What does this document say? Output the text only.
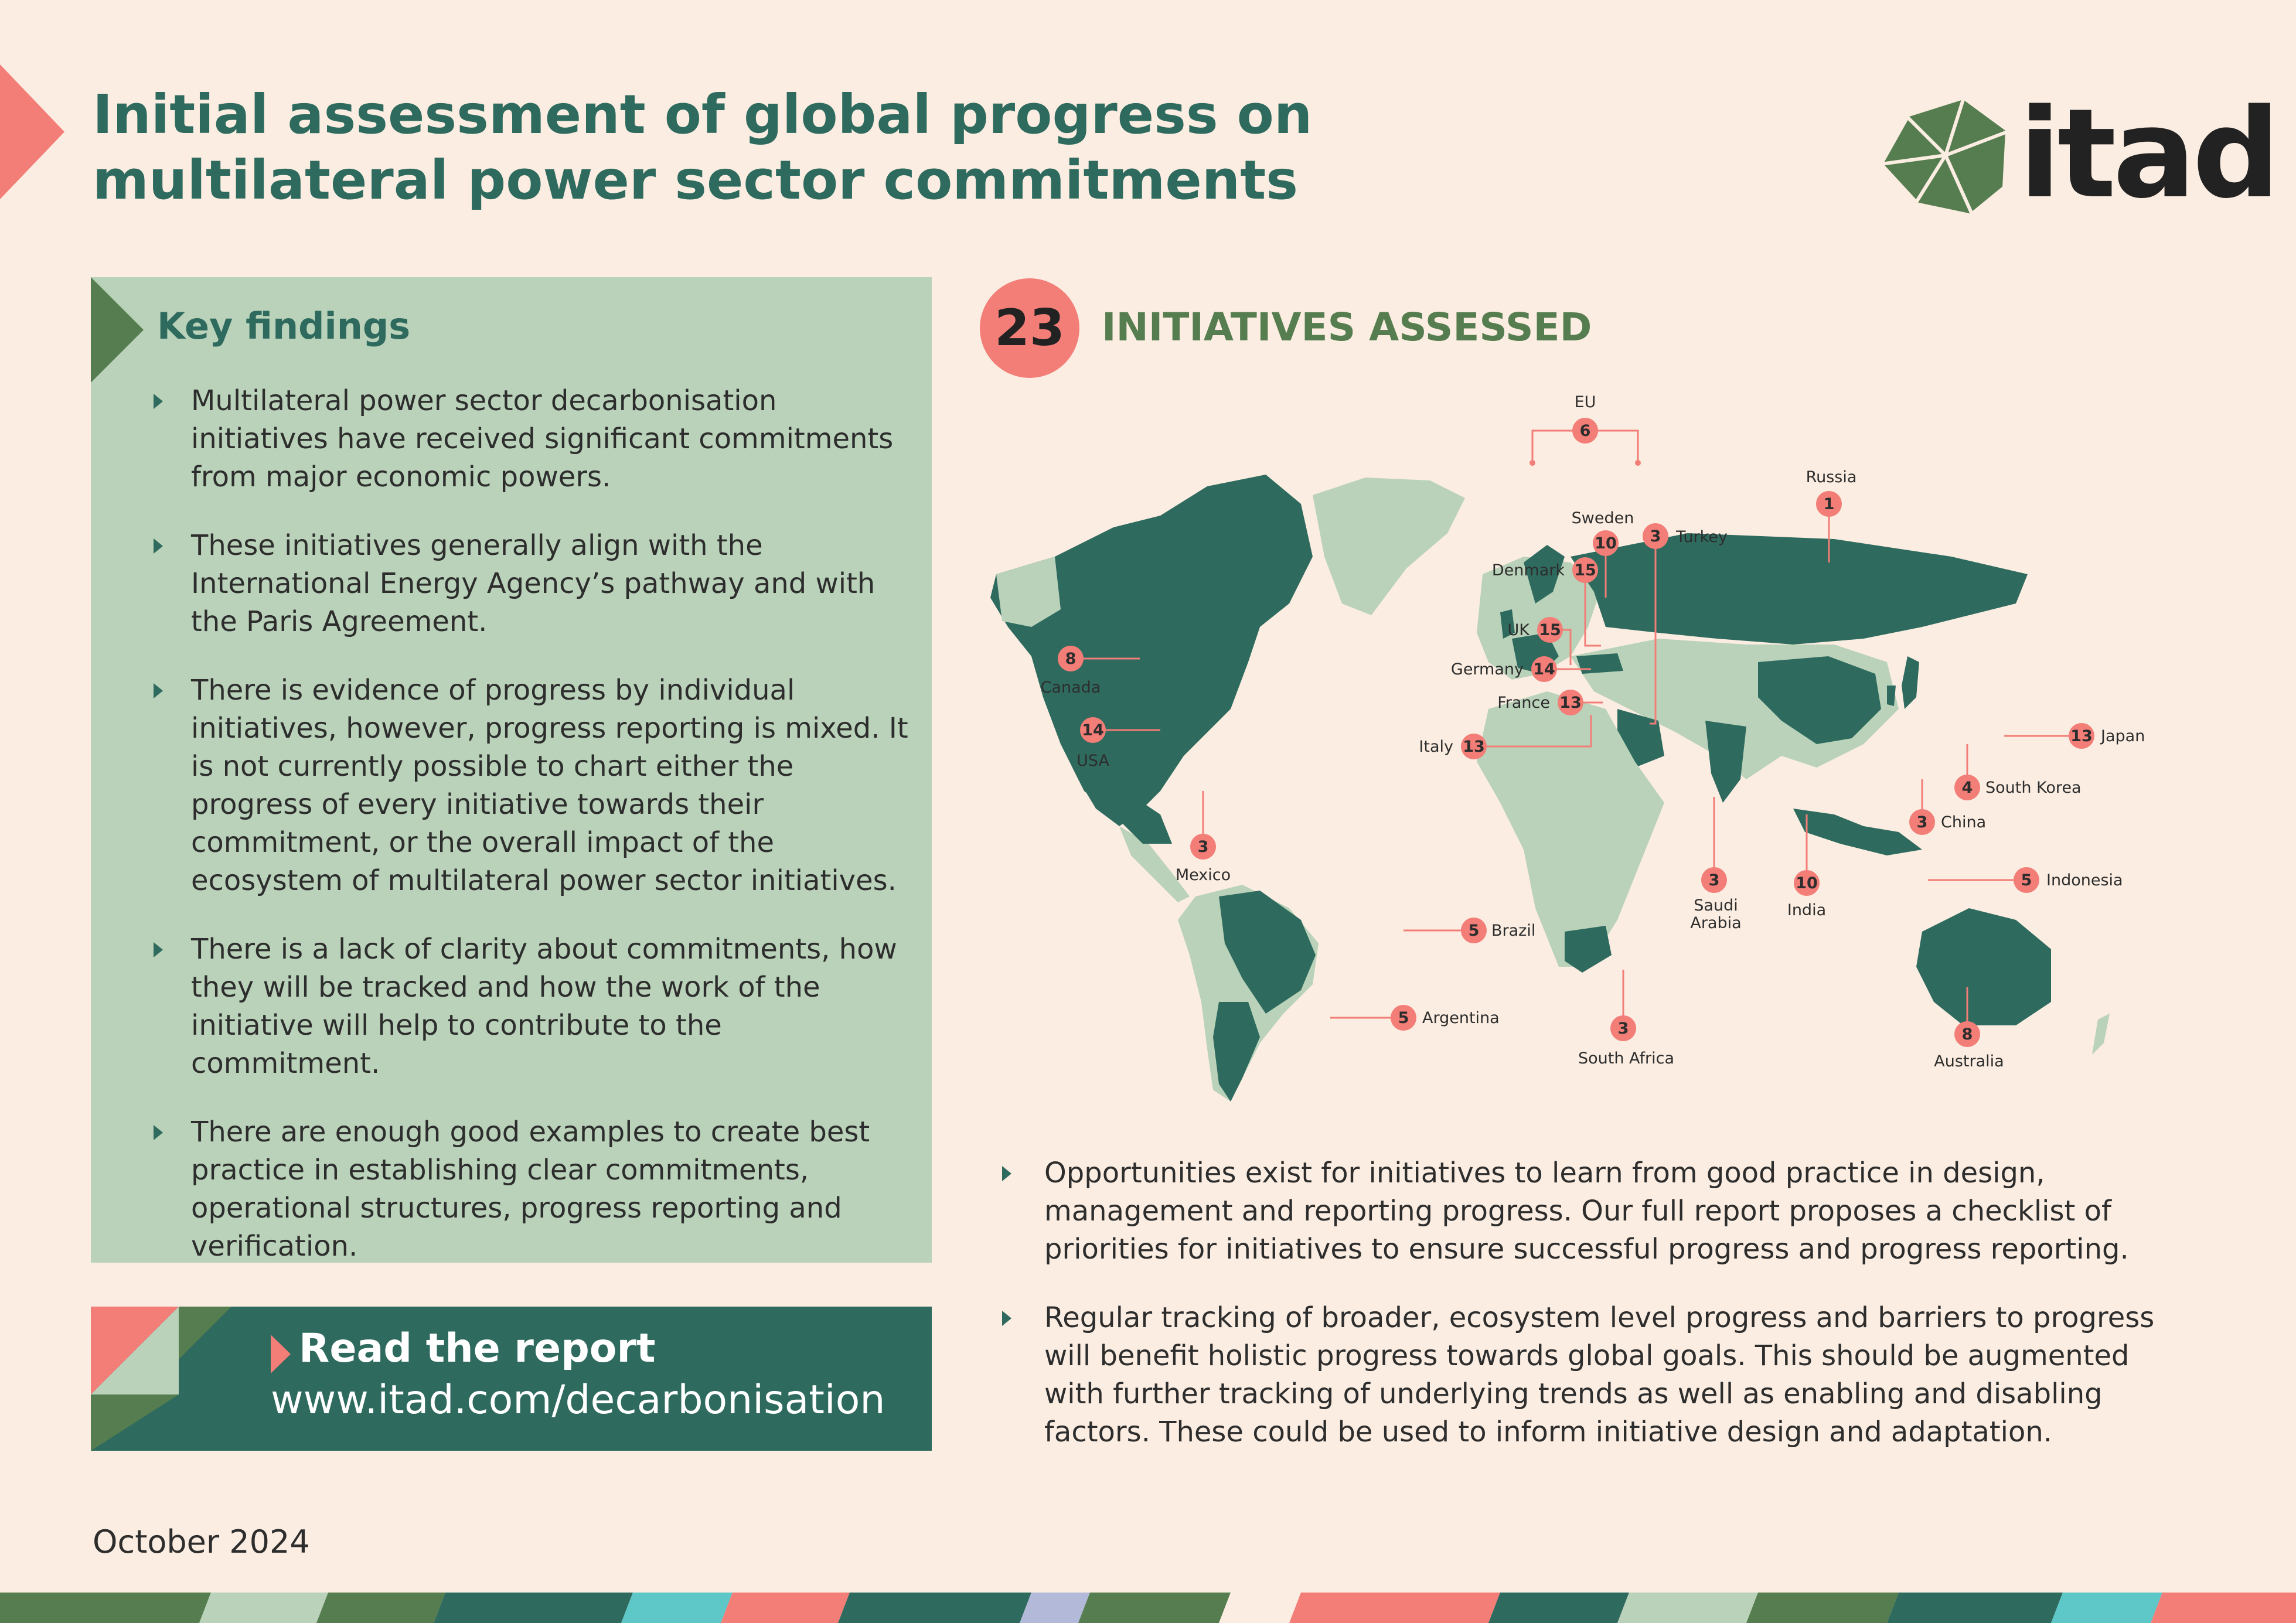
Initial assessment of global progress on
multilateral power sector commitments	itad
Key findings
Multilateral power sector decarbonisation initiatives have received significant commitments from major economic powers.
These initiatives generally align with the International Energy Agency’s pathway and with the Paris Agreement.
There is evidence of progress by individual initiatives, however, progress reporting is mixed. It is not currently possible to chart either the progress of every initiative towards their commitment, or the overall impact of the ecosystem of multilateral power sector initiatives.
There is a lack of clarity about commitments, how they will be tracked and how the work of the initiative will help to contribute to the commitment.
There are enough good examples to create best practice in establishing clear commitments, operational structures, progress reporting and verification.
Read the report
www.itad.com/decarbonisation
23 INITIATIVES ASSESSED
EU
6
Russia
1
Sweden
10 3 Turkey
Denmark 15
UK 15
Germany 14
France 13
Italy 13
8
Canada
14
USA
3
Mexico
5 Brazil
5 Argentina
3
South Africa
3
Saudi
Arabia
10
India
3 China
4 South Korea
13 Japan
5 Indonesia
8
Australia
Opportunities exist for initiatives to learn from good practice in design, management and reporting progress. Our full report proposes a checklist of priorities for initiatives to ensure successful progress and progress reporting.
Regular tracking of broader, ecosystem level progress and barriers to progress will benefit holistic progress towards global goals. This should be augmented with further tracking of underlying trends as well as enabling and disabling factors. These could be used to inform initiative design and adaptation.
October 2024
